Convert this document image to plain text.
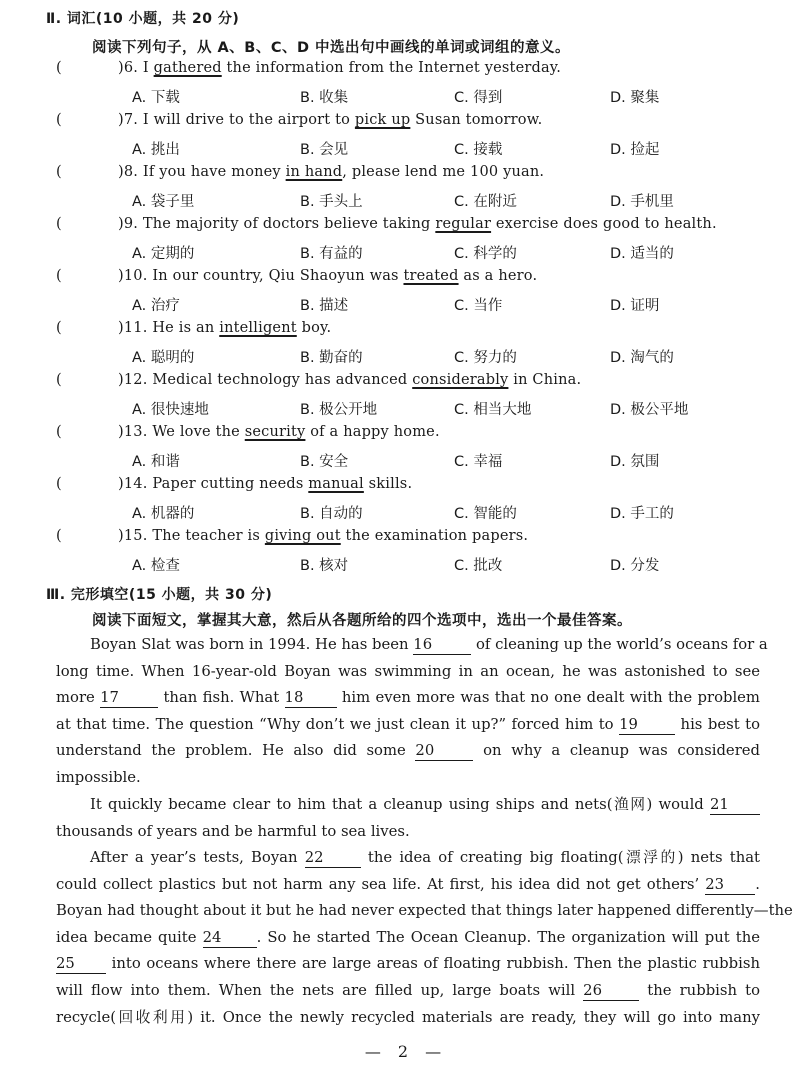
Ⅱ. 词汇(10 小题，共 20 分)
阅读下列句子，从 A、B、C、D 中选出句中画线的单词或词组的意义。
(	)6. I gathered the information from the Internet yesterday.
A. 下载	B. 收集	C. 得到	D. 聚集
(	)7. I will drive to the airport to pick up Susan tomorrow.
A. 挑出	B. 会见	C. 接载	D. 捡起
(	)8. If you have money in hand, please lend me 100 yuan.
A. 袋子里	B. 手头上	C. 在附近	D. 手机里
(	)9. The majority of doctors believe taking regular exercise does good to health.
A. 定期的	B. 有益的	C. 科学的	D. 适当的
(	)10. In our country, Qiu Shaoyun was treated as a hero.
A. 治疗	B. 描述	C. 当作	D. 证明
(	)11. He is an intelligent boy.
A. 聪明的	B. 勤奋的	C. 努力的	D. 淘气的
(	)12. Medical technology has advanced considerably in China.
A. 很快速地	B. 极公开地	C. 相当大地	D. 极公平地
(	)13. We love the security of a happy home.
A. 和谐	B. 安全	C. 幸福	D. 氛围
(	)14. Paper cutting needs manual skills.
A. 机器的	B. 自动的	C. 智能的	D. 手工的
(	)15. The teacher is giving out the examination papers.
A. 检查	B. 核对	C. 批改	D. 分发
Ⅲ. 完形填空(15 小题，共 30 分)
阅读下面短文，掌握其大意，然后从各题所给的四个选项中，选出一个最佳答案。
Boyan Slat was born in 1994. He has been 16	of cleaning up the world’s oceans for a
long time. When 16-year-old Boyan was swimming in an ocean, he was astonished to see
more 17	than fish. What 18	him even more was that no one dealt with the problem
at that time. The question “Why don’t we just clean it up?” forced him to 19	his best to
understand the problem. He also did some 20	on why a cleanup was considered
impossible.
It quickly became clear to him that a cleanup using ships and nets(渔网) would 21
thousands of years and be harmful to sea lives.
After a year’s tests, Boyan 22	the idea of creating big floating(漂浮的) nets that
could collect plastics but not harm any sea life. At first, his idea did not get others’ 23 .
Boyan had thought about it but he had never expected that things later happened differently—the
idea became quite 24 . So he started The Ocean Cleanup. The organization will put the
25 into oceans where there are large areas of floating rubbish. Then the plastic rubbish
will flow into them. When the nets are filled up, large boats will 26	the rubbish to
recycle(回收利用) it. Once the newly recycled materials are ready, they will go into many
— 2 —
